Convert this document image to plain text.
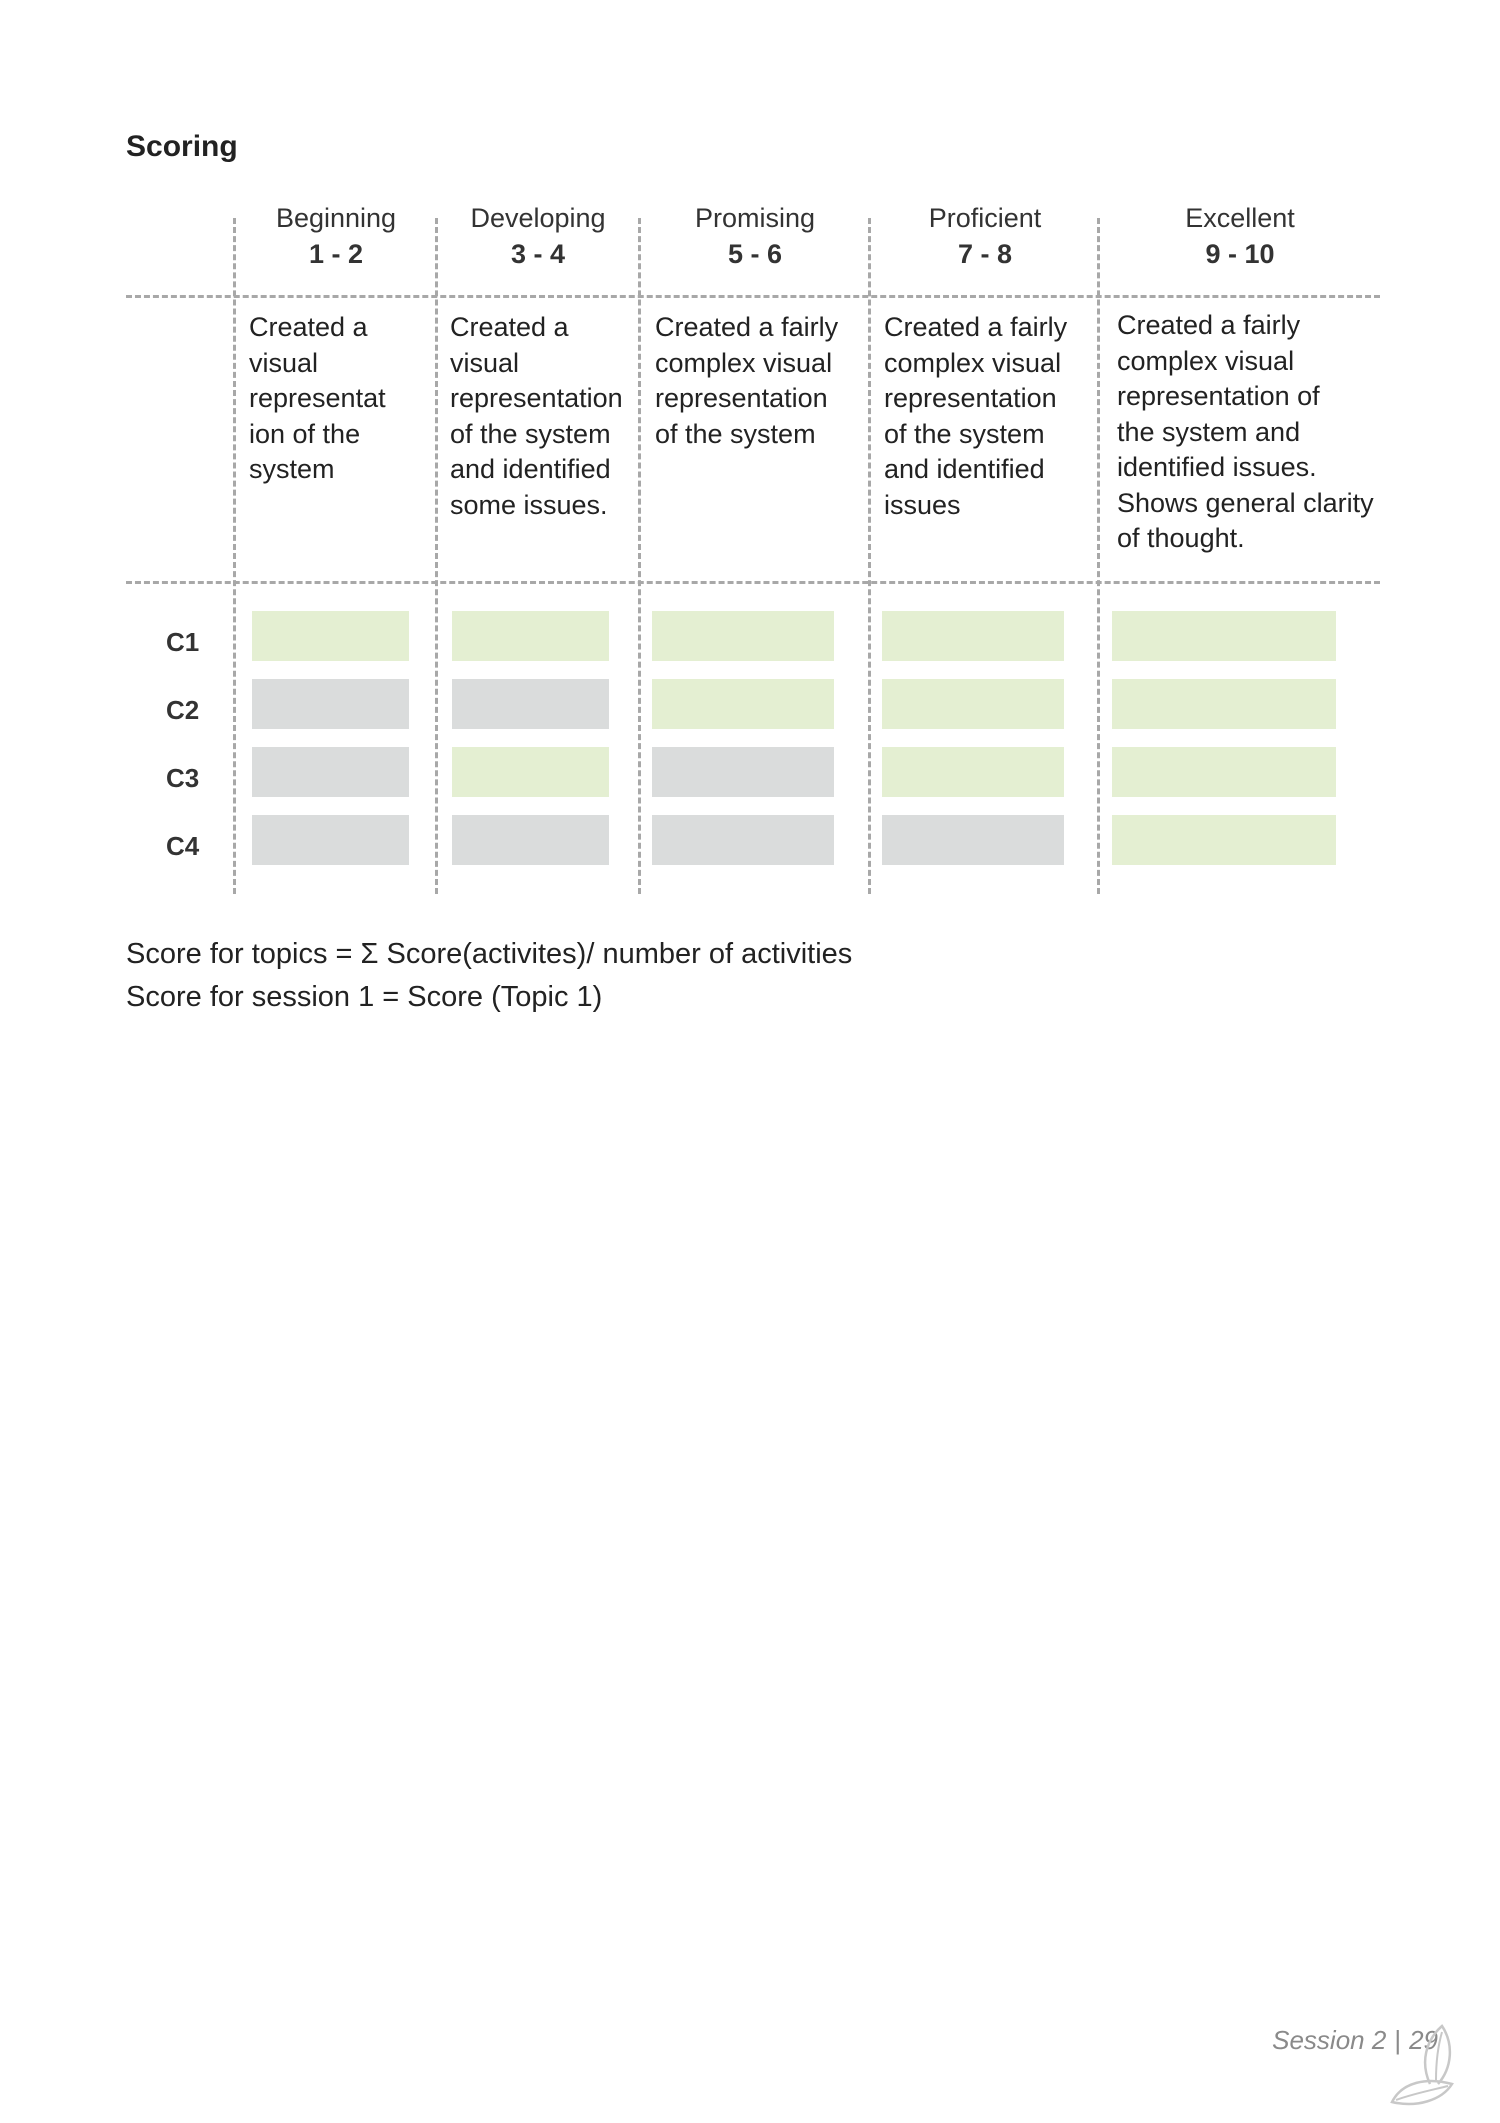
Scoring
Beginning
1 - 2
Developing
3 - 4
Promising
5 - 6
Proficient
7 - 8
Excellent
9 - 10
Created a
visual
representat
ion of the
system
Created a
visual
representation
of the system
and identified
some issues.
Created a fairly
complex visual
representation
of the system
Created a fairly
complex visual
representation
of the system
and identified
issues
Created a fairly
complex visual
representation of
the system and
identified issues.
Shows general clarity
of thought.
C1
C2
C3
C4
Score for topics = Σ Score(activites)/ number of activities
Score for session 1 = Score (Topic 1)
Session 2 | 29
